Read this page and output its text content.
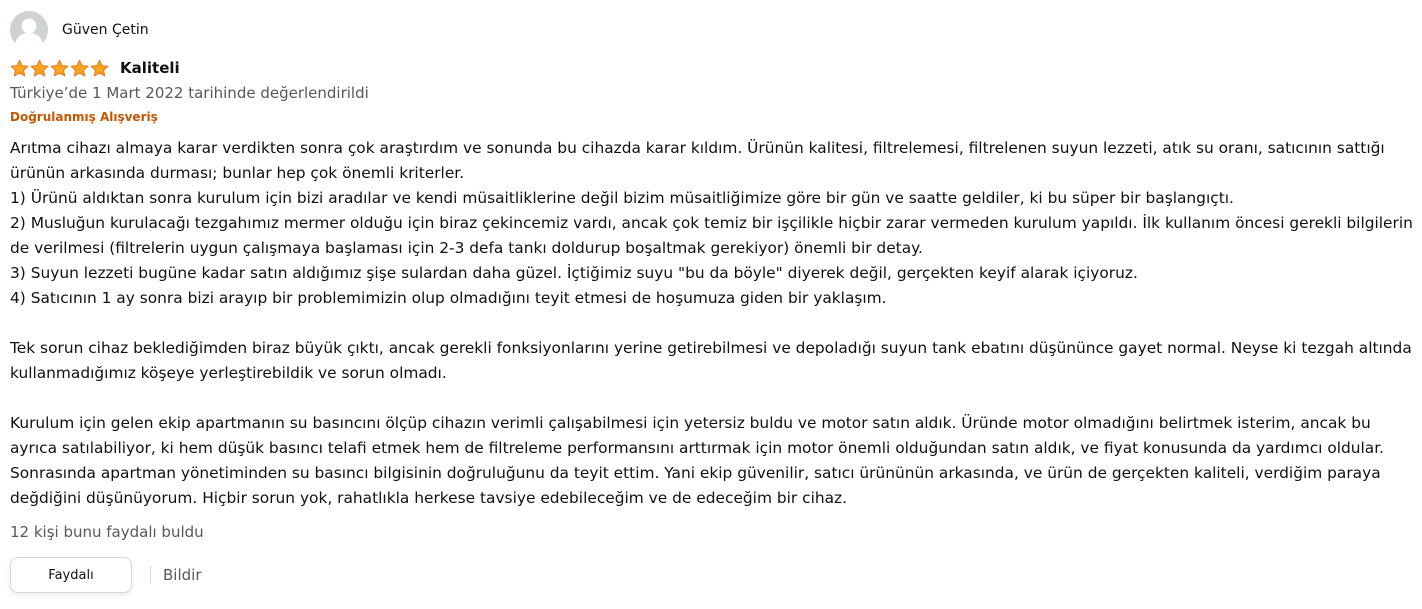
Güven Çetin
Kaliteli
Türkiye’de 1 Mart 2022 tarihinde değerlendirildi
Doğrulanmış Alışveriş

Arıtma cihazı almaya karar verdikten sonra çok araştırdım ve sonunda bu cihazda karar kıldım. Ürünün kalitesi, filtrelemesi, filtrelenen suyun lezzeti, atık su oranı, satıcının sattığı ürünün arkasında durması; bunlar hep çok önemli kriterler.
1) Ürünü aldıktan sonra kurulum için bizi aradılar ve kendi müsaitliklerine değil bizim müsaitliğimize göre bir gün ve saatte geldiler, ki bu süper bir başlangıçtı.
2) Musluğun kurulacağı tezgahımız mermer olduğu için biraz çekincemiz vardı, ancak çok temiz bir işçilikle hiçbir zarar vermeden kurulum yapıldı. İlk kullanım öncesi gerekli bilgilerin de verilmesi (filtrelerin uygun çalışmaya başlaması için 2-3 defa tankı doldurup boşaltmak gerekiyor) önemli bir detay.
3) Suyun lezzeti bugüne kadar satın aldığımız şişe sulardan daha güzel. İçtiğimiz suyu "bu da böyle" diyerek değil, gerçekten keyif alarak içiyoruz.
4) Satıcının 1 ay sonra bizi arayıp bir problemimizin olup olmadığını teyit etmesi de hoşumuza giden bir yaklaşım.

Tek sorun cihaz beklediğimden biraz büyük çıktı, ancak gerekli fonksiyonlarını yerine getirebilmesi ve depoladığı suyun tank ebatını düşününce gayet normal. Neyse ki tezgah altında kullanmadığımız köşeye yerleştirebildik ve sorun olmadı.

Kurulum için gelen ekip apartmanın su basıncını ölçüp cihazın verimli çalışabilmesi için yetersiz buldu ve motor satın aldık. Üründe motor olmadığını belirtmek isterim, ancak bu ayrıca satılabiliyor, ki hem düşük basıncı telafi etmek hem de filtreleme performansını arttırmak için motor önemli olduğundan satın aldık, ve fiyat konusunda da yardımcı oldular. Sonrasında apartman yönetiminden su basıncı bilgisinin doğruluğunu da teyit ettim. Yani ekip güvenilir, satıcı ürününün arkasında, ve ürün de gerçekten kaliteli, verdiğim paraya değdiğini düşünüyorum. Hiçbir sorun yok, rahatlıkla herkese tavsiye edebileceğim ve de edeceğim bir cihaz.

12 kişi bunu faydalı buldu
Faydalı	Bildir
